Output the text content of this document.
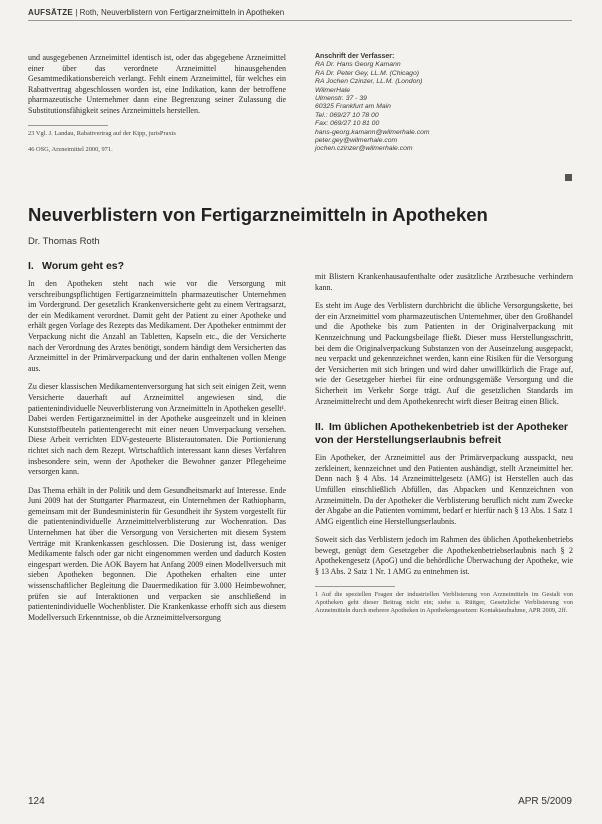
AUFSÄTZE | Roth, Neuverblistern von Fertigarzneimitteln in Apotheken

und ausgegebenen Arzneimittel identisch ist, oder das abgegebene Arzneimittel einer über das verordnete Arzneimittel hinausgehenden Gesamtmedikationsbereich verlangt. Fehlt einem Arzneimittel, für welches ein Rabattvertrag abgeschlossen worden ist, eine Indikation, kann der betroffene pharmazeutische Unternehmer dann eine Begrenzung seiner Zulassung die Substitutionsfähigkeit seines Arzneimittels herstellen.

23 Vgl. J. Landau, Rabattvertrag auf der Kipp, jurisPraxis

46 OSG, Arzneimittel 2000, 971.

Anschrift der Verfasser:
RA Dr. Hans Georg Kamann
RA Dr. Peter Gey, LL.M. (Chicago)
RA Jochen Czinzer, LL.M. (London)
WilmerHale
Ulmenstr. 37 - 39
60325 Frankfurt am Main
Tel.: 069/27 10 78 00
Fax: 069/27 10 81 00
hans-georg.kamann@wilmerhale.com
peter.gey@wilmerhale.com
jochen.czinzer@wilmerhale.com
Neuverblistern von Fertigarzneimitteln in Apotheken
Dr. Thomas Roth
I. Worum geht es?

In den Apotheken steht nach wie vor die Versorgung mit verschreibungspflichtigen Fertigarzneimitteln pharmazeutischer Unternehmen im Vordergrund. Der gesetzlich Krankenversicherte geht zu einem Vertragsarzt, der ein Medikament verordnet. Damit geht der Patient zu einer Apotheke und erhält gegen Vorlage des Rezepts das Medikament. Der Apotheker entnimmt der Verpackung nicht die Anzahl an Tabletten, Kapseln etc., die der Versicherte nach der Verordnung des Arztes benötigt, sondern händigt dem Versicherten das Arzneimittel in der Primärverpackung und der darin enthaltenen vollen Menge aus.

Zu dieser klassischen Medikamentenversorgung hat sich seit einigen Zeit, wenn Versicherte dauerhaft auf Arzneimittel angewiesen sind, die patientenindividuelle Neuverblisterung von Arzneimitteln in Apotheken gesellt¹. Dabei werden Fertigarzneimittel in der Apotheke ausgeeinzelt und in kleinen Kunststoffbeuteln patientengerecht mit einer neuen Umverpackung versehen. Diese Arbeit verrichten EDV-gesteuerte Blisterautomaten. Die Portionierung richtet sich nach dem Rezept. Wirtschaftlich interessant kann dieses Verfahren insbesondere sein, wenn der Apotheker die Bewohner ganzer Pflegeheime versorgen kann.

Das Thema erhält in der Politik und dem Gesundheitsmarkt auf Interesse. Ende Juni 2009 hat der Stuttgarter Pharmazeut, ein Unternehmen der Rathiopharm, gemeinsam mit der Bundesministerin für Gesundheit ihr System vorgestellt für die patientenindividuelle Arzneimittelverblisterung zur Wochenration. Das Unternehmen hat über die Versorgung von Versicherten mit diesem System Verträge mit Krankenkassen geschlossen. Die Dosierung ist, dass weniger Medikamente falsch oder gar nicht eingenommen werden und dadurch Kosten eingespart werden. Die AOK Bayern hat Anfang 2009 einen Modellversuch mit sieben Apotheken begonnen. Die Apotheken erhalten eine unter wissenschaftlicher Begleitung die Dauermedikation für 3.000 Heimbewohner, prüfen sie auf Interaktionen und verpacken sie anschließend in patientenindividuelle Wochenblister. Die Krankenkasse erhofft sich aus diesem Modellversuch Erkenntnisse, ob die Arzneimittelversorgung

mit Blistern Krankenhausaufenthalte oder zusätzliche Arztbesuche verhindern kann.

Es steht im Auge des Verblistern durchbricht die übliche Versorgungskette, bei der ein Arzneimittel vom pharmazeutischen Unternehmer, über den Großhandel und die Apotheke bis zum Patienten in der Originalverpackung mit Kennzeichnung und Packungsbeilage fließt. Dieser muss Herstellungsschritt, bei dem die Originalverpackung Substanzen von der Auseinzelung ausgepackt, neu verpackt und gekennzeichnet werden, kann eine Risiken für die Versorgung der Versicherten mit sich bringen und wird daher unwillkürlich die Frage auf, wie der Gesetzgeber hierbei für eine ordnungsgemäße Versorgung und die Sicherheit im Verkehr Sorge trägt. Auf die gesetzlichen Standards im Arzneimittelrecht und dem Apothekenrecht wirft dieser Beitrag einen Blick.

II. Im üblichen Apothekenbetrieb ist der Apotheker von der Herstellungserlaubnis befreit

Ein Apotheker, der Arzneimittel aus der Primärverpackung ausspackt, neu zerkleinert, kennzeichnet und den Patienten aushändigt, stellt Arzneimittel her. Denn nach § 4 Abs. 14 Arzneimittelgesetz (AMG) ist Herstellen auch das Umfüllen einschließlich Abfüllen, das Abpacken und Kennzeichnen von Arzneimitteln. Da der Apotheker die Verblisterung beruflich nicht zum Zwecke der Abgabe an die Patienten vornimmt, bedarf er hierfür nach § 13 Abs. 1 Satz 1 AMG eigentlich eine Herstellungserlaubnis.

Soweit sich das Verblistern jedoch im Rahmen des üblichen Apothekenbetriebs bewegt, genügt dem Gesetzgeber die Apothekenbetriebserlaubnis nach § 2 Apothekengesetz (ApoG) und die behördliche Überwachung der Apotheke, wie § 13 Abs. 2 Satz 1 Nr. 1 AMG zu entnehmen ist.

1 Auf die speziellen Fragen der industriellen Verblisterung von Arzneimitteln im Gestalt von Apotheken geht dieser Beitrag nicht ein; siehe u. Rüttger, Gesetzliche Verblisterung von Arzneimitteln durch mehrere Apotheken in Apothekengesetzen: Kontaktaufnahme, APR 2009, 2ff.

124	APR 5/2009
